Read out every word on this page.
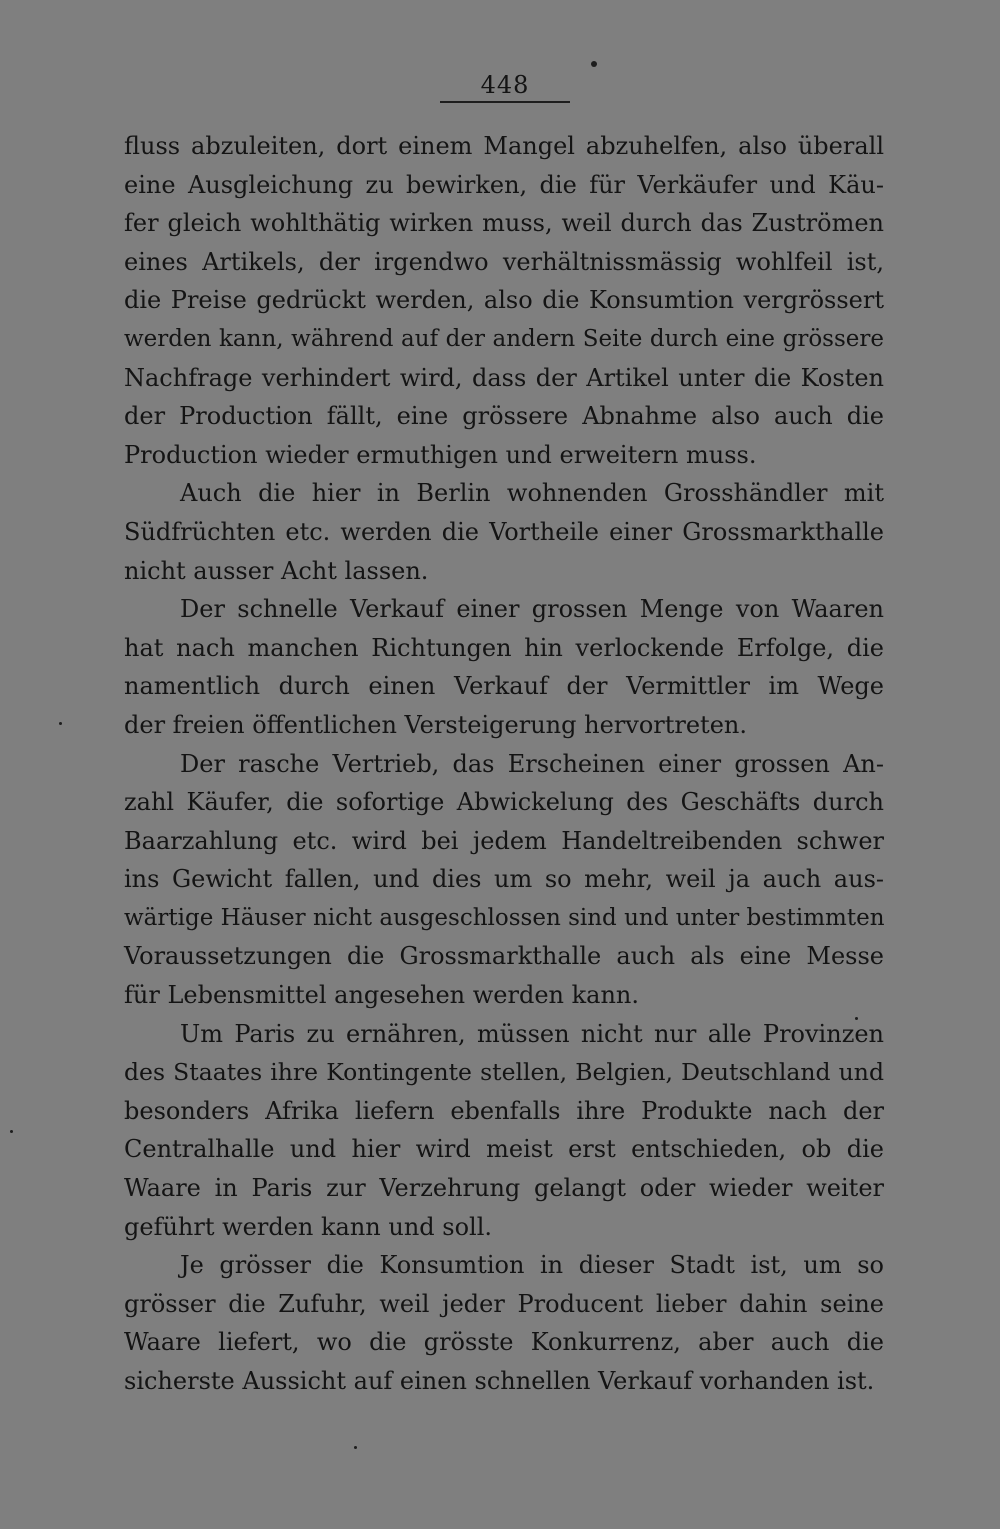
448
fluss abzuleiten, dort einem Mangel abzuhelfen, also überall
eine Ausgleichung zu bewirken, die für Verkäufer und Käu-
fer gleich wohlthätig wirken muss, weil durch das Zuströmen
eines Artikels, der irgendwo verhältnissmässig wohlfeil ist,
die Preise gedrückt werden, also die Konsumtion vergrössert
werden kann, während auf der andern Seite durch eine grössere
Nachfrage verhindert wird, dass der Artikel unter die Kosten
der Production fällt, eine grössere Abnahme also auch die
Production wieder ermuthigen und erweitern muss.
Auch die hier in Berlin wohnenden Grosshändler mit
Südfrüchten etc. werden die Vortheile einer Grossmarkthalle
nicht ausser Acht lassen.
Der schnelle Verkauf einer grossen Menge von Waaren
hat nach manchen Richtungen hin verlockende Erfolge, die
namentlich durch einen Verkauf der Vermittler im Wege
der freien öffentlichen Versteigerung hervortreten.
Der rasche Vertrieb, das Erscheinen einer grossen An-
zahl Käufer, die sofortige Abwickelung des Geschäfts durch
Baarzahlung etc. wird bei jedem Handeltreibenden schwer
ins Gewicht fallen, und dies um so mehr, weil ja auch aus-
wärtige Häuser nicht ausgeschlossen sind und unter bestimmten
Voraussetzungen die Grossmarkthalle auch als eine Messe
für Lebensmittel angesehen werden kann.
Um Paris zu ernähren, müssen nicht nur alle Provinzen
des Staates ihre Kontingente stellen, Belgien, Deutschland und
besonders Afrika liefern ebenfalls ihre Produkte nach der
Centralhalle und hier wird meist erst entschieden, ob die
Waare in Paris zur Verzehrung gelangt oder wieder weiter
geführt werden kann und soll.
Je grösser die Konsumtion in dieser Stadt ist, um so
grösser die Zufuhr, weil jeder Producent lieber dahin seine
Waare liefert, wo die grösste Konkurrenz, aber auch die
sicherste Aussicht auf einen schnellen Verkauf vorhanden ist.
